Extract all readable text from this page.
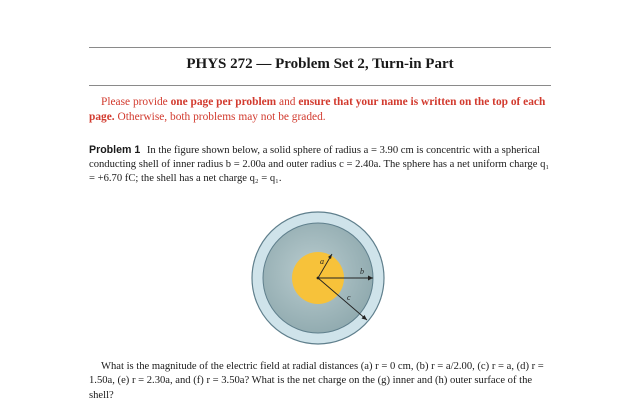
PHYS 272 — Problem Set 2, Turn-in Part
Please provide one page per problem and ensure that your name is written on the top of each page. Otherwise, both problems may not be graded.
Problem 1 In the figure shown below, a solid sphere of radius a = 3.90 cm is concentric with a spherical conducting shell of inner radius b = 2.00a and outer radius c = 2.40a. The sphere has a net uniform charge q₁ = +6.70 fC; the shell has a net charge q₂ = q₁.
a
b
c
What is the magnitude of the electric field at radial distances (a) r = 0 cm, (b) r = a/2.00, (c) r = a, (d) r = 1.50a, (e) r = 2.30a, and (f) r = 3.50a? What is the net charge on the (g) inner and (h) outer surface of the shell?
